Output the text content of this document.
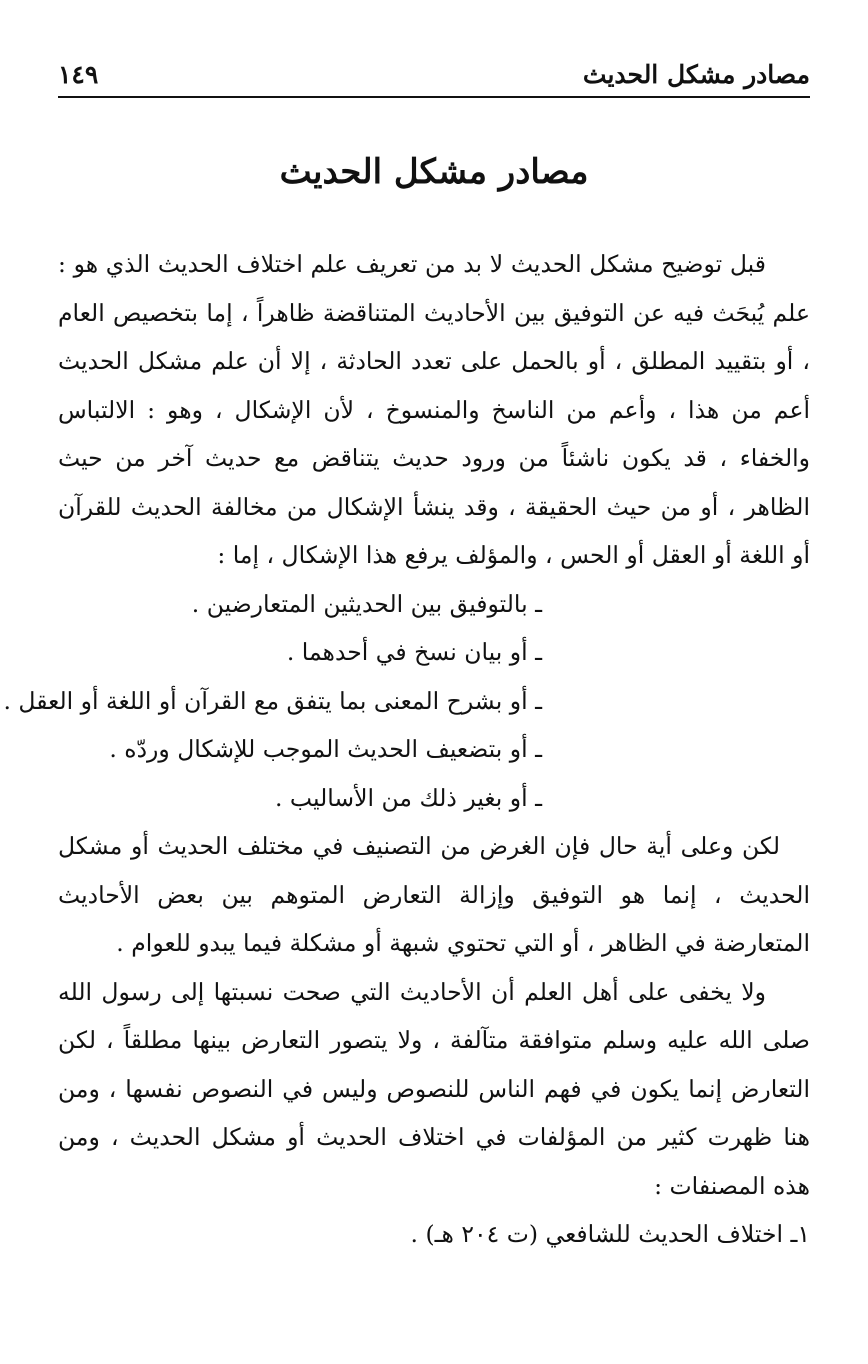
مصادر مشكل الحديث
١٤٩
مصادر مشكل الحديث

قبل توضيح مشكل الحديث لا بد من تعريف علم اختلاف الحديث الذي هو : علم يُبحَث فيه عن التوفيق بين الأحاديث المتناقضة ظاهراً ، إما بتخصيص العام ، أو بتقييد المطلق ، أو بالحمل على تعدد الحادثة ، إلا أن علم مشكل الحديث أعم من هذا ، وأعم من الناسخ والمنسوخ ، لأن الإشكال ، وهو : الالتباس والخفاء ، قد يكون ناشئاً من ورود حديث يتناقض مع حديث آخر من حيث الظاهر ، أو من حيث الحقيقة ، وقد ينشأ الإشكال من مخالفة الحديث للقرآن أو اللغة أو العقل أو الحس ، والمؤلف يرفع هذا الإشكال ، إما :

ـ بالتوفيق بين الحديثين المتعارضين .

ـ أو بيان نسخ في أحدهما .

ـ أو بشرح المعنى بما يتفق مع القرآن أو اللغة أو العقل .

ـ أو بتضعيف الحديث الموجب للإشكال وردّه .

ـ أو بغير ذلك من الأساليب .

لكن وعلى أية حال فإن الغرض من التصنيف في مختلف الحديث أو مشكل الحديث ، إنما هو التوفيق وإزالة التعارض المتوهم بين بعض الأحاديث المتعارضة في الظاهر ، أو التي تحتوي شبهة أو مشكلة فيما يبدو للعوام .

ولا يخفى على أهل العلم أن الأحاديث التي صحت نسبتها إلى رسول الله صلى الله عليه وسلم متوافقة متآلفة ، ولا يتصور التعارض بينها مطلقاً ، لكن التعارض إنما يكون في فهم الناس للنصوص وليس في النصوص نفسها ، ومن هنا ظهرت كثير من المؤلفات في اختلاف الحديث أو مشكل الحديث ، ومن هذه المصنفات :

١ـ اختلاف الحديث للشافعي (ت ٢٠٤ هـ) .
